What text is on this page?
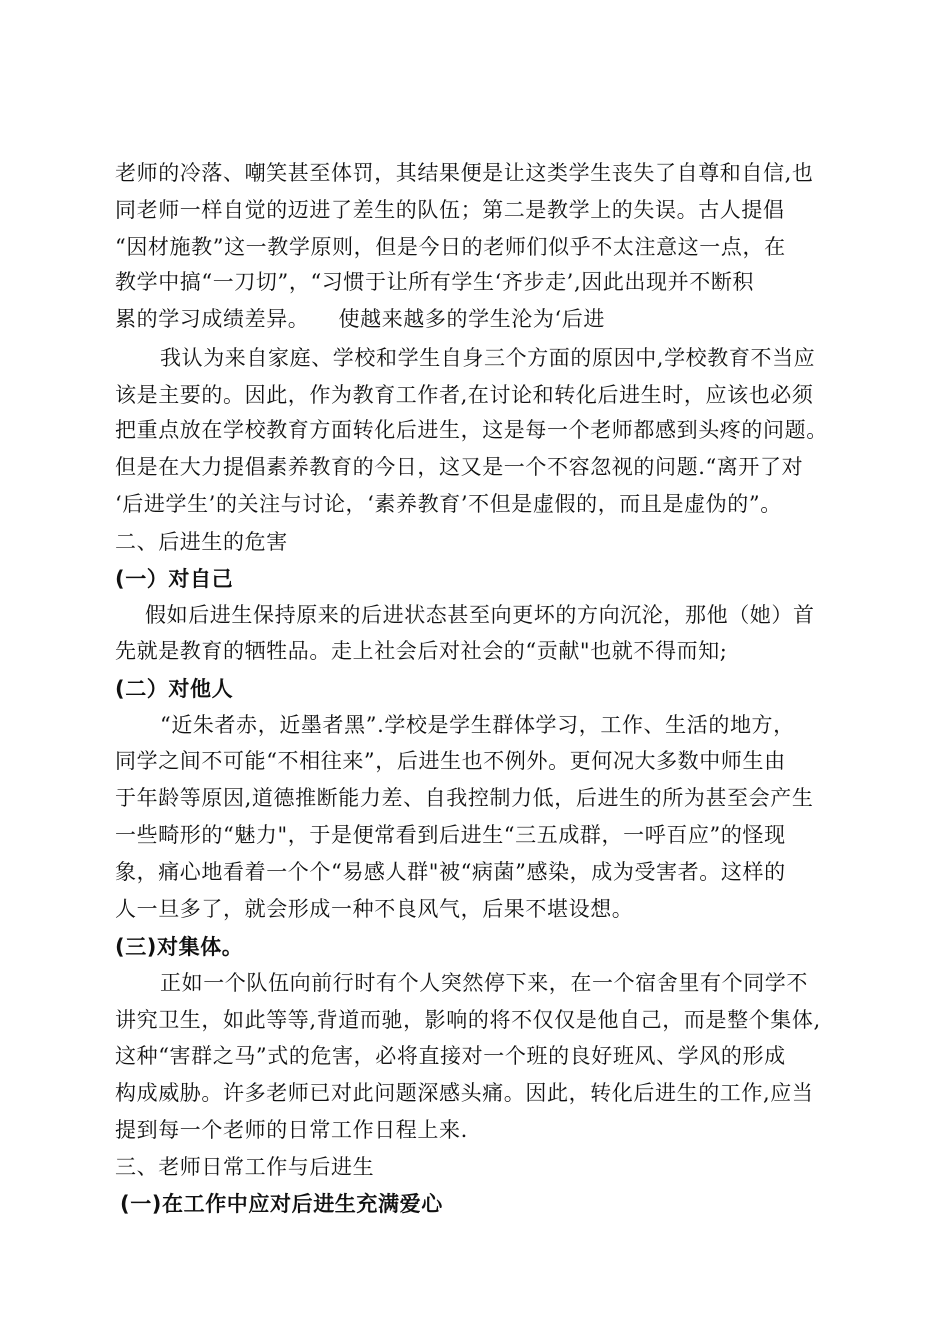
老师的冷落、嘲笑甚至体罚，其结果便是让这类学生丧失了自尊和自信,也
同老师一样自觉的迈进了差生的队伍；第二是教学上的失误。古人提倡
“因材施教”这一教学原则，但是今日的老师们似乎不太注意这一点，在
教学中搞“一刀切”，“习惯于让所有学生‘齐步走’,因此出现并不断积
累的学习成绩差异。    使越来越多的学生沦为‘后进
我认为来自家庭、学校和学生自身三个方面的原因中,学校教育不当应
该是主要的。因此，作为教育工作者,在讨论和转化后进生时，应该也必须
把重点放在学校教育方面转化后进生，这是每一个老师都感到头疼的问题。
但是在大力提倡素养教育的今日，这又是一个不容忽视的问题.“离开了对
‘后进学生’的关注与讨论，‘素养教育’不但是虚假的，而且是虚伪的”。
二、后进生的危害
(一）对自己
假如后进生保持原来的后进状态甚至向更坏的方向沉沦，那他（她）首
先就是教育的牺牲品。走上社会后对社会的“贡献"也就不得而知;
(二）对他人
“近朱者赤，近墨者黑”.学校是学生群体学习，工作、生活的地方，
同学之间不可能“不相往来”，后进生也不例外。更何况大多数中师生由
于年龄等原因,道德推断能力差、自我控制力低，后进生的所为甚至会产生
一些畸形的“魅力"，于是便常看到后进生“三五成群，一呼百应”的怪现
象，痛心地看着一个个“易感人群"被“病菌”感染，成为受害者。这样的
人一旦多了，就会形成一种不良风气，后果不堪设想。
(三)对集体。
正如一个队伍向前行时有个人突然停下来，在一个宿舍里有个同学不
讲究卫生，如此等等,背道而驰，影响的将不仅仅是他自己，而是整个集体,
这种“害群之马”式的危害，必将直接对一个班的良好班风、学风的形成
构成威胁。许多老师已对此问题深感头痛。因此，转化后进生的工作,应当
提到每一个老师的日常工作日程上来.
三、老师日常工作与后进生
(一)在工作中应对后进生充满爱心
